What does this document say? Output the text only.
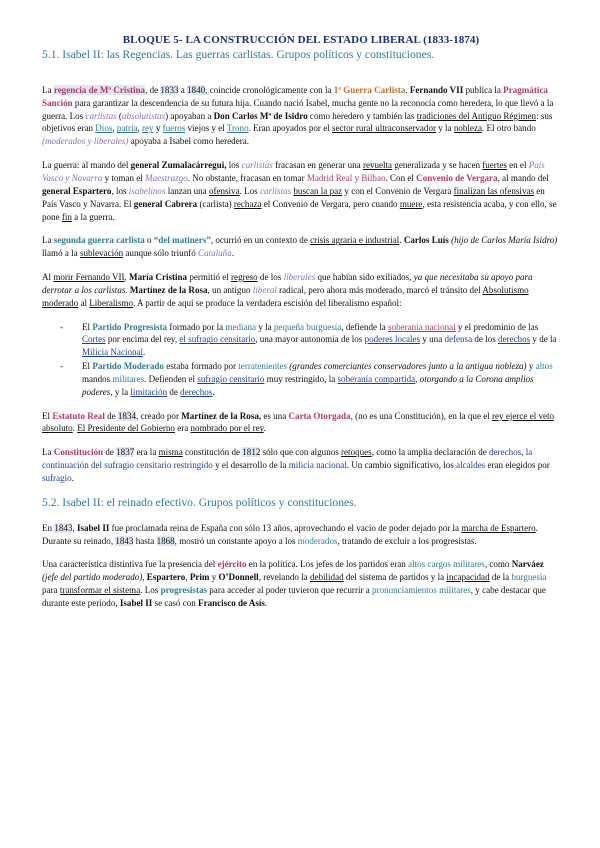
BLOQUE 5- LA CONSTRUCCIÓN DEL ESTADO LIBERAL (1833-1874)
5.1. Isabel II: las Regencias. Las guerras carlistas. Grupos políticos y constituciones.

La regencia de Mª Cristina, de 1833 a 1840, coincide cronológicamente con la 1ª Guerra Carlista. Fernando VII publica la Pragmática Sanción para garantizar la descendencia de su futura hija. Cuando nació Isabel, mucha gente no la reconocía como heredera, lo que llevó a la guerra. Los carlistas (absolutistas) apoyaban a Don Carlos Mª de Isidro como heredero y también las tradiciones del Antiguo Régimen: sus objetivos eran Dios, patria, rey y fueros viejos y el Trono. Eran apoyados por el sector rural ultraconservador y la nobleza. El otro bando (moderados y liberales) apoyaba a Isabel como heredera.

La guerra: al mando del general Zumalacárregui, los carlistas fracasan en generar una revuelta generalizada y se hacen fuertes en el País Vasco y Navarra y toman el Maestrazgo. No obstante, fracasan en tomar Madrid Real y Bilbao. Con el Convenio de Vergara, al mando del general Espartero, los isabelinos lanzan una ofensiva. Los carlistas buscan la paz y con el Convenio de Vergara finalizan las ofensivas en País Vasco y Navarra. El general Cabrera (carlista) rechaza el Convenio de Vergara, pero cuando muere, esta resistencia acaba, y con ello, se pone fin a la guerra.

La segunda guerra carlista o “del matiners”, ocurrió en un contexto de crisis agraria e industrial. Carlos Luís (hijo de Carlos María Isidro) llamó a la sublevación aunque sólo triunfó Cataluña.

Al morir Fernando VII, María Cristina permitió el regreso de los liberales que habían sido exiliados, ya que necesitaba su apoyo para derrotar a los carlistas. Martínez de la Rosa, un antiguo liberal radical, pero ahora más moderado, marcó el tránsito del Absolutismo moderado al Liberalismo. A partir de aquí se produce la verdadera escisión del liberalismo español:

- El Partido Progresista formado por la mediana y la pequeña burguesía, defiende la soberanía nacional y el predominio de las Cortes por encima del rey, el sufragio censitario, una mayor autonomía de los poderes locales y una defensa de los derechos y de la Milicia Nacional.
- El Partido Moderado estaba formado por terratenientes (grandes comerciantes conservadores junto a la antigua nobleza) y altos mandos militares. Defienden el sufragio censitario muy restringido, la soberanía compartida, otorgando a la Corona amplios poderes, y la limitación de derechos.

El Estatuto Real de 1834, creado por Martínez de la Rosa, es una Carta Otorgada, (no es una Constitución), en la que el rey ejerce el veto absoluto. El Presidente del Gobierno era nombrado por el rey.

La Constitución de 1837 era la misma constitución de 1812 sólo que con algunos retoques, como la amplia declaración de derechos, la continuación del sufragio censitario restringido y el desarrollo de la milicia nacional. Un cambio significativo, los alcaldes eran elegidos por sufragio.

5.2. Isabel II: el reinado efectivo. Grupos políticos y constituciones.

En 1843, Isabel II fue proclamada reina de España con sólo 13 años, aprovechando el vacío de poder dejado por la marcha de Espartero. Durante su reinado, 1843 hasta 1868, mostró un constante apoyo a los moderados, tratando de excluir a los progresistas.

Una característica distintiva fue la presencia del ejército en la política. Los jefes de los partidos eran altos cargos militares, como Narváez (jefe del partido moderado), Espartero, Prim y O’Donnell, revelando la debilidad del sistema de partidos y la incapacidad de la burguesía para transformar el sistema. Los progresistas para acceder al poder tuvieron que recurrir a pronunciamientos militares, y cabe destacar que durante este período, Isabel II se casó con Francisco de Asís.
